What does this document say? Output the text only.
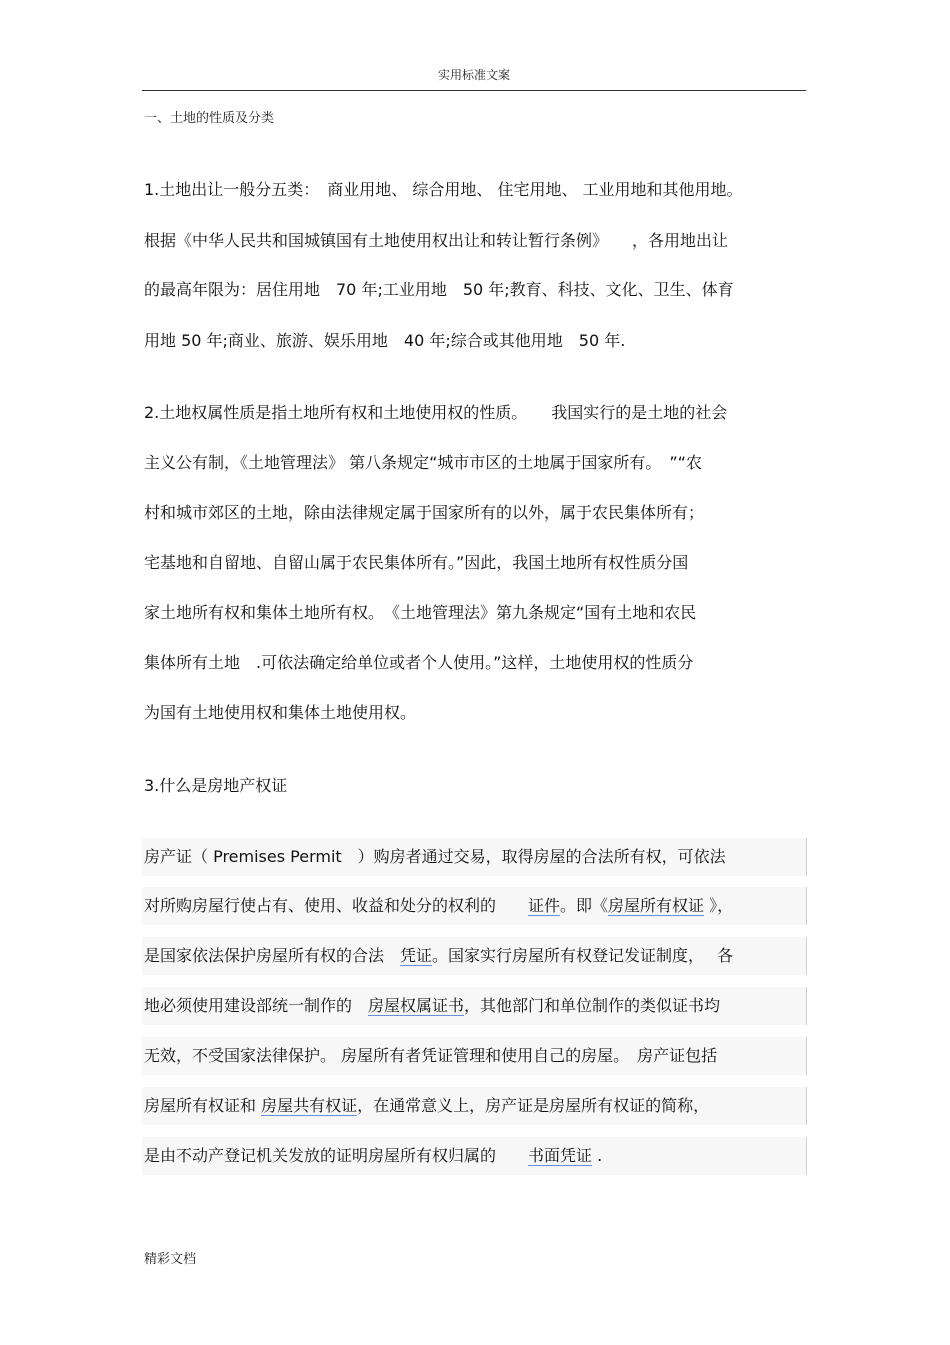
实用标准文案
一、土地的性质及分类
1.土地出让一般分五类：　商业用地、 综合用地、 住宅用地、 工业用地和其他用地。
根据《中华人民共和国城镇国有土地使用权出让和转让暂行条例》　　，各用地出让
的最高年限为：居住用地　70 年;工业用地　50 年;教育、科技、文化、卫生、体育
用地 50 年;商业、旅游、娱乐用地　40 年;综合或其他用地　50 年.
2.土地权属性质是指土地所有权和土地使用权的性质。　　我国实行的是土地的社会
主义公有制，《土地管理法》 第八条规定“城市市区的土地属于国家所有。　”“农
村和城市郊区的土地，除由法律规定属于国家所有的以外，属于农民集体所有；
宅基地和自留地、自留山属于农民集体所有。”因此，我国土地所有权性质分国
家土地所有权和集体土地所有权。　《土地管理法》第九条规定“国有土地和农民
集体所有土地　.可依法确定给单位或者个人使用。”这样，土地使用权的性质分
为国有土地使用权和集体土地使用权。
3.什么是房地产权证
房产证（ Premises Permit　）购房者通过交易，取得房屋的合法所有权，可依法
对所购房屋行使占有、使用、收益和处分的权利的　　证件。即《房屋所有权证 》，
是国家依法保护房屋所有权的合法　凭证。国家实行房屋所有权登记发证制度，　 各
地必须使用建设部统一制作的　房屋权属证书，其他部门和单位制作的类似证书均
无效，不受国家法律保护。 房屋所有者凭证管理和使用自己的房屋。　房产证包括
房屋所有权证和 房屋共有权证，在通常意义上，房产证是房屋所有权证的简称，
是由不动产登记机关发放的证明房屋所有权归属的　　书面凭证 .
精彩文档
